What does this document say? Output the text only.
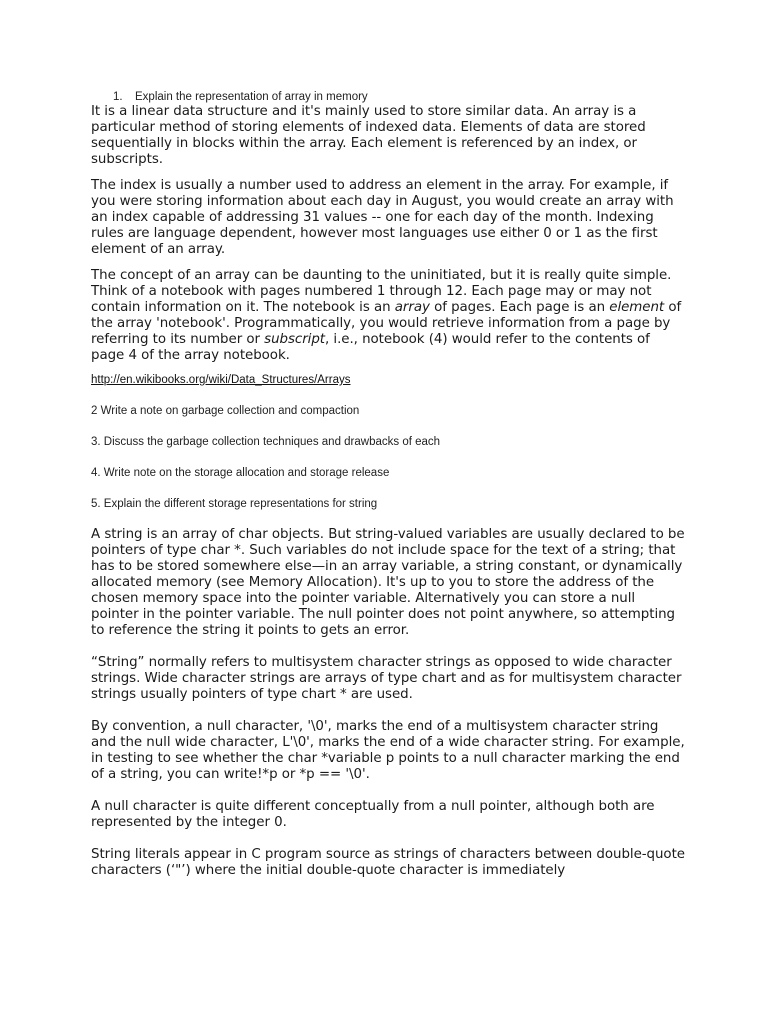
1. Explain the representation of array in memory

It is a linear data structure and it's mainly used to store similar data. An array is a particular method of storing elements of indexed data. Elements of data are stored sequentially in blocks within the array. Each element is referenced by an index, or subscripts.

The index is usually a number used to address an element in the array. For example, if you were storing information about each day in August, you would create an array with an index capable of addressing 31 values -- one for each day of the month. Indexing rules are language dependent, however most languages use either 0 or 1 as the first element of an array.

The concept of an array can be daunting to the uninitiated, but it is really quite simple. Think of a notebook with pages numbered 1 through 12. Each page may or may not contain information on it. The notebook is an array of pages. Each page is an element of the array 'notebook'. Programmatically, you would retrieve information from a page by referring to its number or subscript, i.e., notebook (4) would refer to the contents of page 4 of the array notebook.

http://en.wikibooks.org/wiki/Data_Structures/Arrays

2 Write a note on garbage collection and compaction

3. Discuss the garbage collection techniques and drawbacks of each

4. Write note on the storage allocation and storage release

5. Explain the different storage representations for string

A string is an array of char objects. But string-valued variables are usually declared to be pointers of type char *. Such variables do not include space for the text of a string; that has to be stored somewhere else—in an array variable, a string constant, or dynamically allocated memory (see Memory Allocation). It's up to you to store the address of the chosen memory space into the pointer variable. Alternatively you can store a null pointer in the pointer variable. The null pointer does not point anywhere, so attempting to reference the string it points to gets an error.

“String” normally refers to multisystem character strings as opposed to wide character strings. Wide character strings are arrays of type chart and as for multisystem character strings usually pointers of type chart * are used.

By convention, a null character, '\0', marks the end of a multisystem character string and the null wide character, L'\0', marks the end of a wide character string. For example, in testing to see whether the char *variable p points to a null character marking the end of a string, you can write!*p or *p == '\0'.

A null character is quite different conceptually from a null pointer, although both are represented by the integer 0.

String literals appear in C program source as strings of characters between double-quote characters (‘"’) where the initial double-quote character is immediately
